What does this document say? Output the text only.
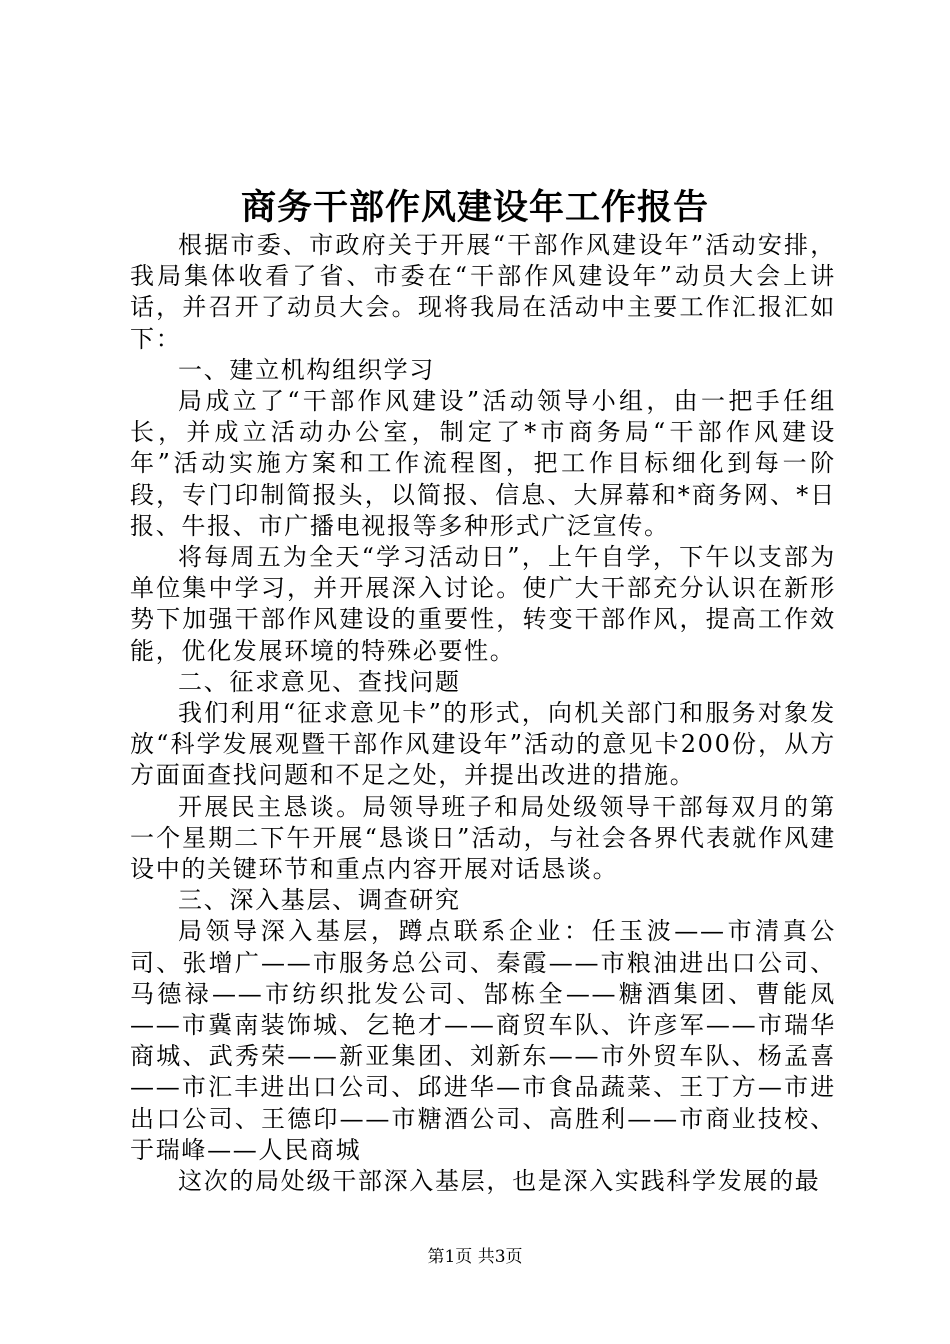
商务干部作风建设年工作报告

根据市委、市政府关于开展“干部作风建设年”活动安排，我局集体收看了省、市委在“干部作风建设年”动员大会上讲话，并召开了动员大会。现将我局在活动中主要工作汇报汇如下：

一、建立机构组织学习

局成立了“干部作风建设”活动领导小组，由一把手任组长，并成立活动办公室，制定了*市商务局“干部作风建设年”活动实施方案和工作流程图，把工作目标细化到每一阶段，专门印制简报头，以简报、信息、大屏幕和*商务网、*日报、牛报、市广播电视报等多种形式广泛宣传。

将每周五为全天“学习活动日”，上午自学，下午以支部为单位集中学习，并开展深入讨论。使广大干部充分认识在新形势下加强干部作风建设的重要性，转变干部作风，提高工作效能，优化发展环境的特殊必要性。

二、征求意见、查找问题

我们利用“征求意见卡”的形式，向机关部门和服务对象发放“科学发展观暨干部作风建设年”活动的意见卡200份，从方方面面查找问题和不足之处，并提出改进的措施。

开展民主恳谈。局领导班子和局处级领导干部每双月的第一个星期二下午开展“恳谈日”活动，与社会各界代表就作风建设中的关键环节和重点内容开展对话恳谈。

三、深入基层、调查研究

局领导深入基层，蹲点联系企业：任玉波——市清真公司、张增广——市服务总公司、秦霞——市粮油进出口公司、马德禄——市纺织批发公司、郜栋全——糖酒集团、曹能凤——市冀南装饰城、乞艳才——商贸车队、许彦军——市瑞华商城、武秀荣——新亚集团、刘新东——市外贸车队、杨孟喜——市汇丰进出口公司、邱进华—市食品蔬菜、王丁方—市进出口公司、王德印——市糖酒公司、高胜利——市商业技校、于瑞峰——人民商城

这次的局处级干部深入基层，也是深入实践科学发展的最

第1页 共3页
